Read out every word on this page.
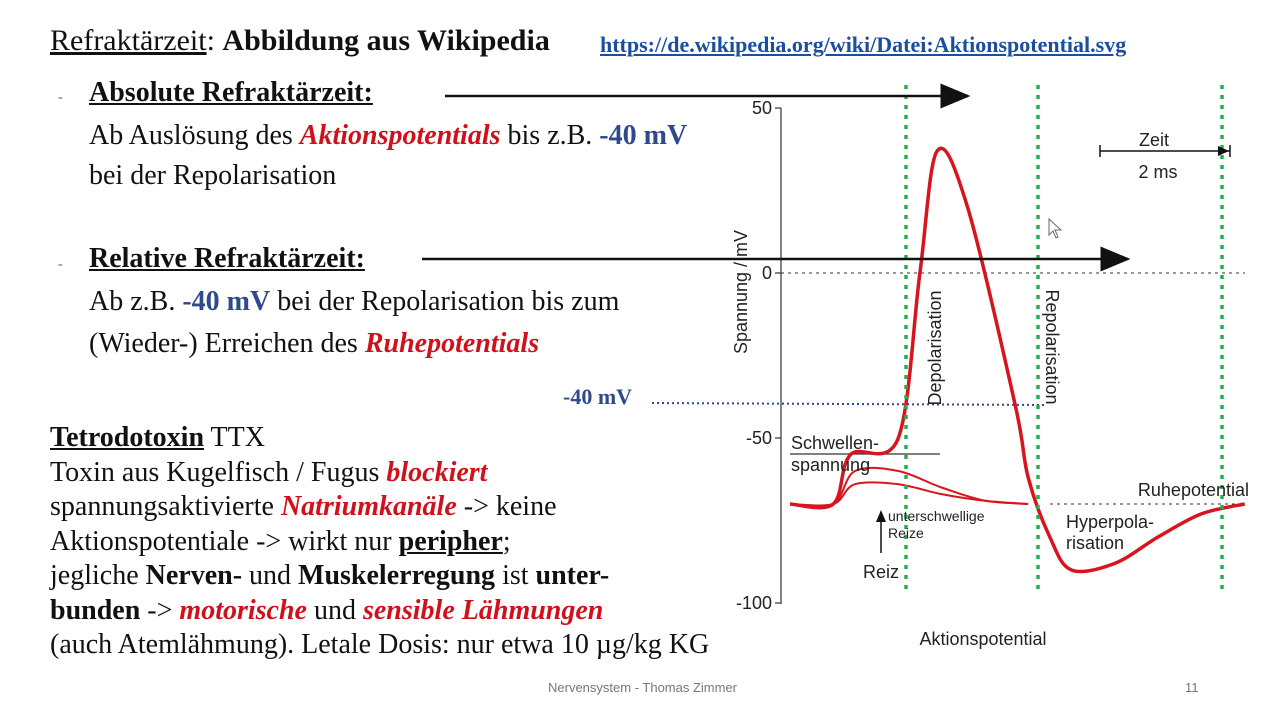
Refraktärzeit: Abbildung aus Wikipedia https://de.wikipedia.org/wiki/Datei:Aktionspotential.svg
- Absolute Refraktärzeit:
Ab Auslösung des Aktionspotentials bis z.B. -40 mV
bei der Repolarisation
- Relative Refraktärzeit:
Ab z.B. -40 mV bei der Repolarisation bis zum
(Wieder-) Erreichen des Ruhepotentials
-40 mV
Tetrodotoxin TTX
Toxin aus Kugelfisch / Fugus blockiert
spannungsaktivierte Natriumkanäle -> keine
Aktionspotentiale -> wirkt nur peripher;
jegliche Nerven- und Muskelerregung ist unter-
bunden -> motorische und sensible Lähmungen
(auch Atemlähmung). Letale Dosis: nur etwa 10 µg/kg KG
50
0
-50
-100
Zeit
2 ms
Spannung / mV
Aktionspotential
Schwellen-
spannung
Depolarisation	Repolarisation
Ruhepotential
Hyperpola-
risation
unterschwellige
Reize
Reiz
Nervensystem - Thomas Zimmer	11
